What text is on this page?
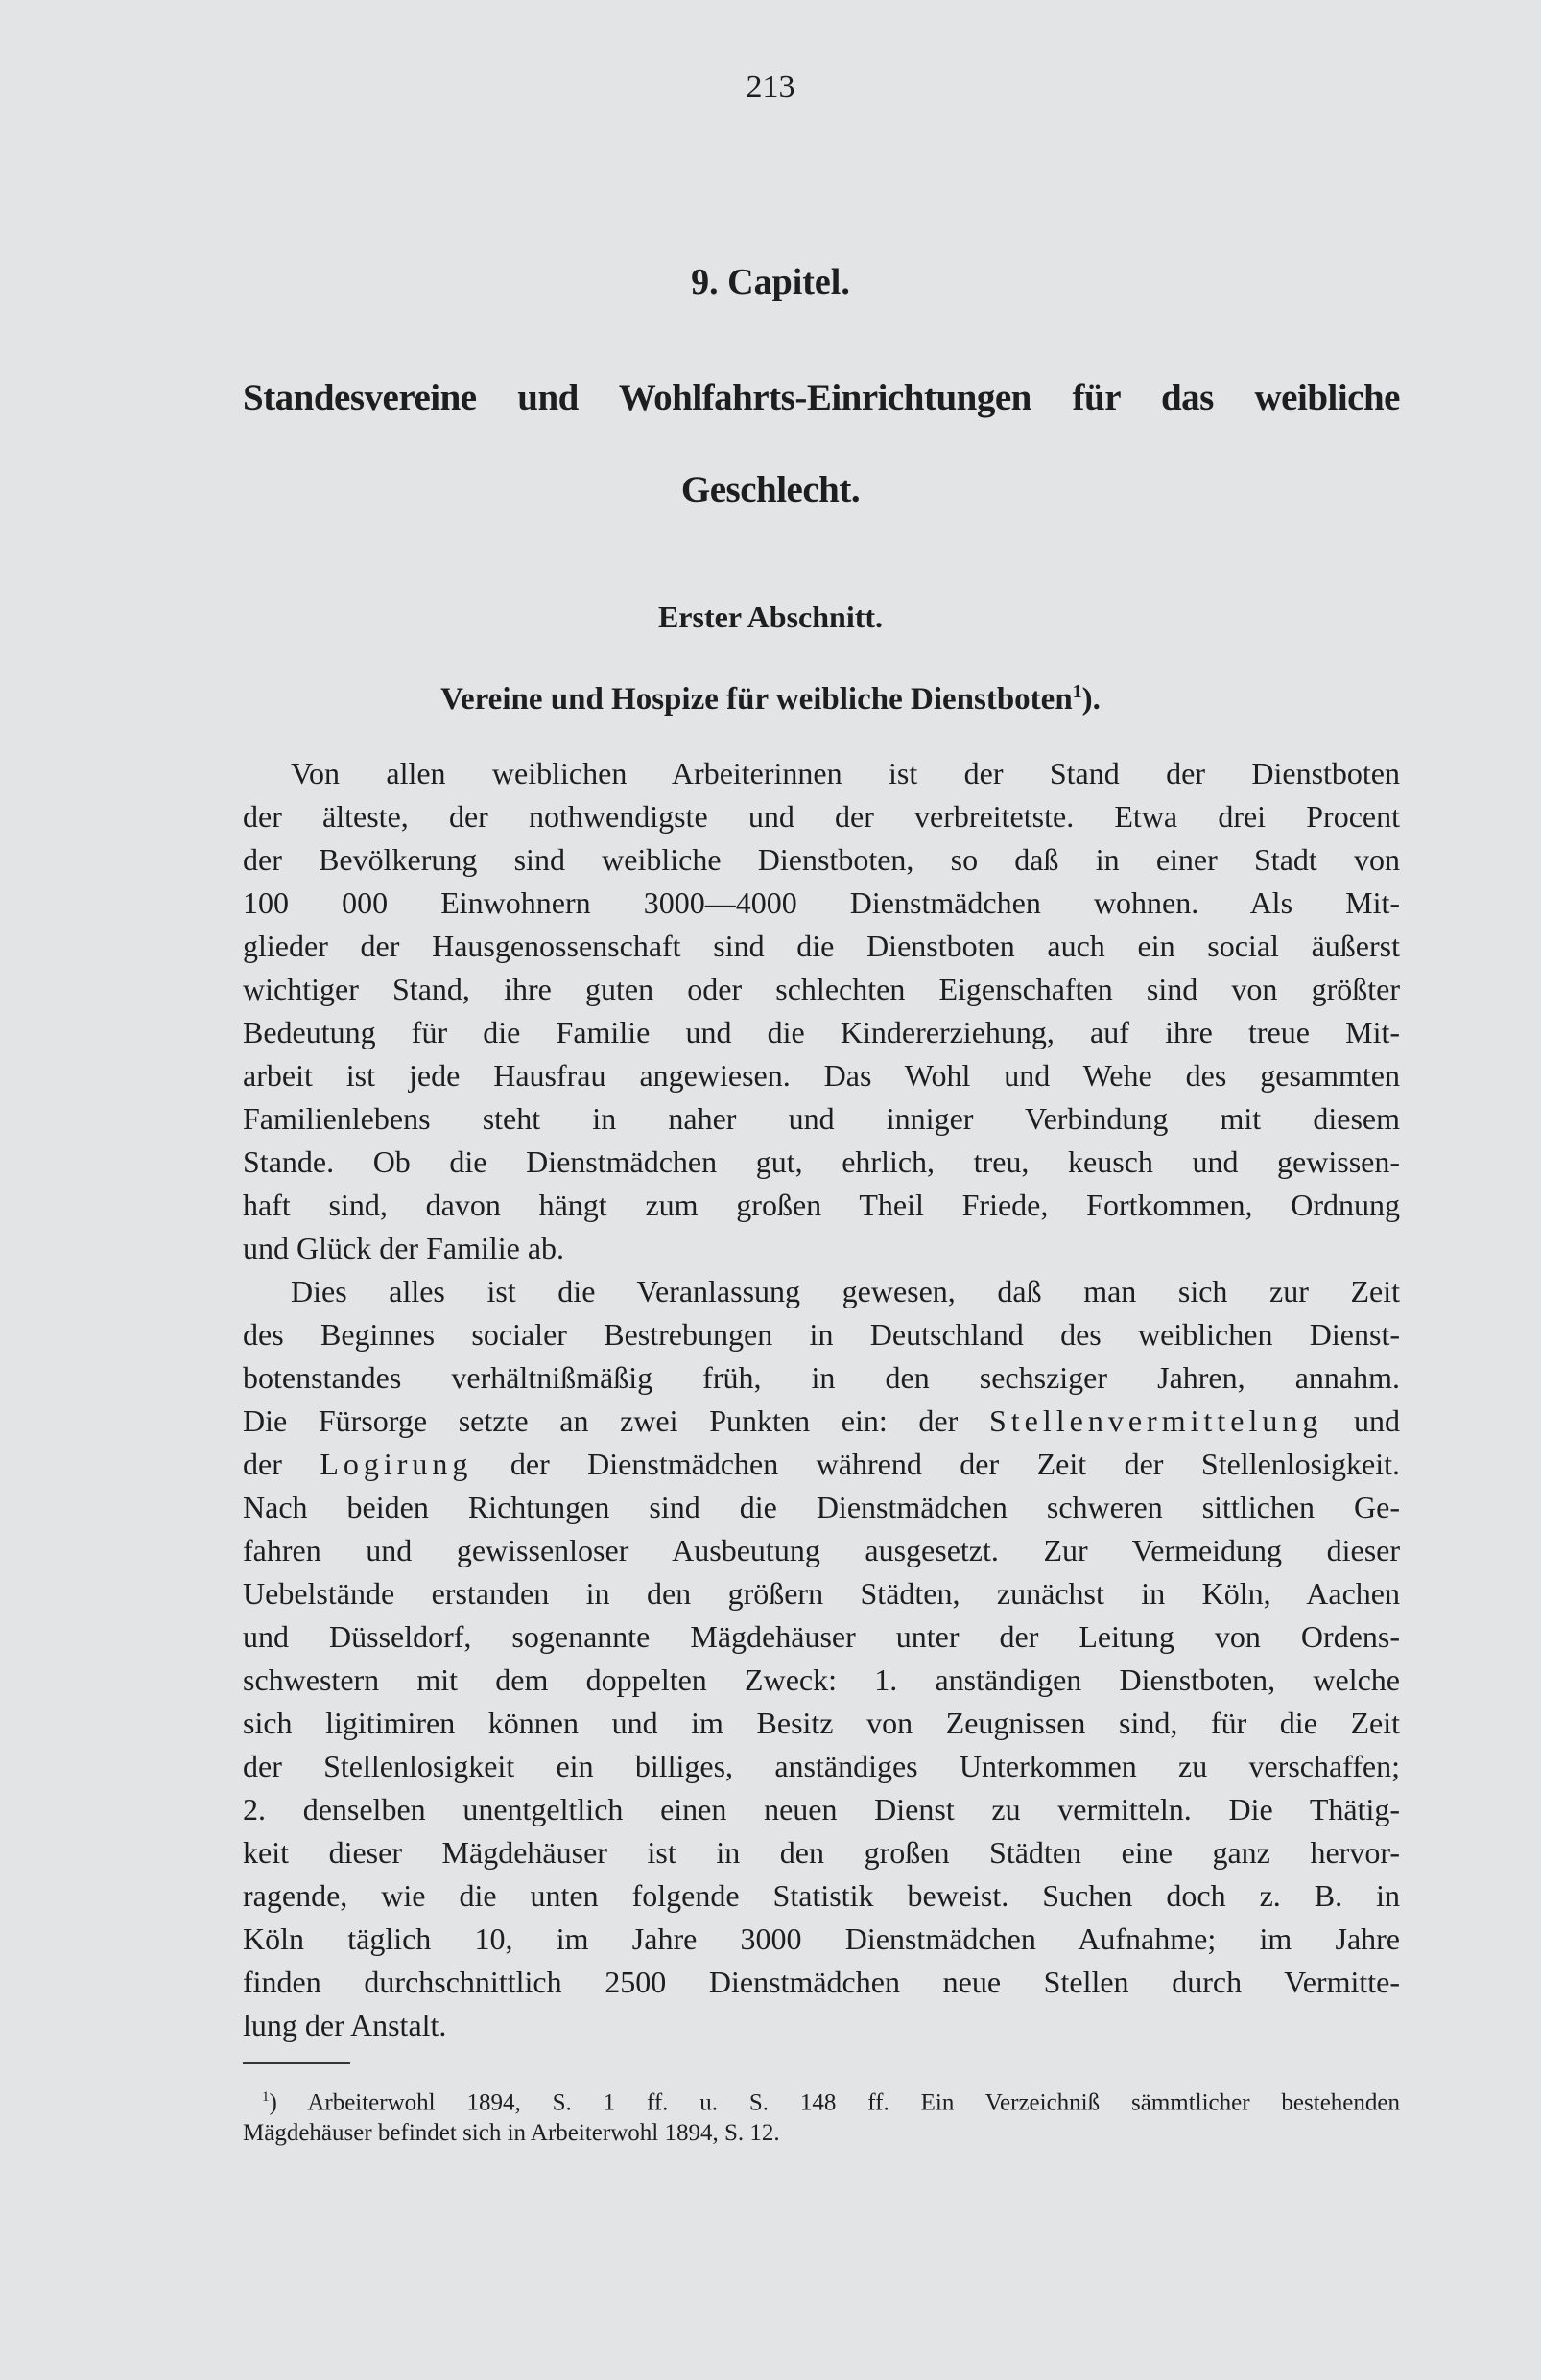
213
9. Capitel.
Standesvereine und Wohlfahrts-Einrichtungen für das weibliche
Geschlecht.
Erster Abschnitt.
Vereine und Hospize für weibliche Dienstboten$^1$).
Von allen weiblichen Arbeiterinnen ist der Stand der Dienstboten
der älteste, der nothwendigste und der verbreitetste. Etwa drei Procent
der Bevölkerung sind weibliche Dienstboten, so daß in einer Stadt von
100 000 Einwohnern 3000—4000 Dienstmädchen wohnen. Als Mit-
glieder der Hausgenossenschaft sind die Dienstboten auch ein social äußerst
wichtiger Stand, ihre guten oder schlechten Eigenschaften sind von größter
Bedeutung für die Familie und die Kindererziehung, auf ihre treue Mit-
arbeit ist jede Hausfrau angewiesen. Das Wohl und Wehe des gesammten
Familienlebens steht in naher und inniger Verbindung mit diesem
Stande. Ob die Dienstmädchen gut, ehrlich, treu, keusch und gewissen-
haft sind, davon hängt zum großen Theil Friede, Fortkommen, Ordnung
und Glück der Familie ab.
Dies alles ist die Veranlassung gewesen, daß man sich zur Zeit
des Beginnes socialer Bestrebungen in Deutschland des weiblichen Dienst-
botenstandes verhältnißmäßig früh, in den sechsziger Jahren, annahm.
Die Fürsorge setzte an zwei Punkten ein: der Stellenvermittelung und
der Logirung der Dienstmädchen während der Zeit der Stellenlosigkeit.
Nach beiden Richtungen sind die Dienstmädchen schweren sittlichen Ge-
fahren und gewissenloser Ausbeutung ausgesetzt. Zur Vermeidung dieser
Uebelstände erstanden in den größern Städten, zunächst in Köln, Aachen
und Düsseldorf, sogenannte Mägdehäuser unter der Leitung von Ordens-
schwestern mit dem doppelten Zweck: 1. anständigen Dienstboten, welche
sich ligitimiren können und im Besitz von Zeugnissen sind, für die Zeit
der Stellenlosigkeit ein billiges, anständiges Unterkommen zu verschaffen;
2. denselben unentgeltlich einen neuen Dienst zu vermitteln. Die Thätig-
keit dieser Mägdehäuser ist in den großen Städten eine ganz hervor-
ragende, wie die unten folgende Statistik beweist. Suchen doch z. B. in
Köln täglich 10, im Jahre 3000 Dienstmädchen Aufnahme; im Jahre
finden durchschnittlich 2500 Dienstmädchen neue Stellen durch Vermitte-
lung der Anstalt.
$^1$) Arbeiterwohl 1894, S. 1 ff. u. S. 148 ff. Ein Verzeichniß sämmtlicher bestehenden
Mägdehäuser befindet sich in Arbeiterwohl 1894, S. 12.
